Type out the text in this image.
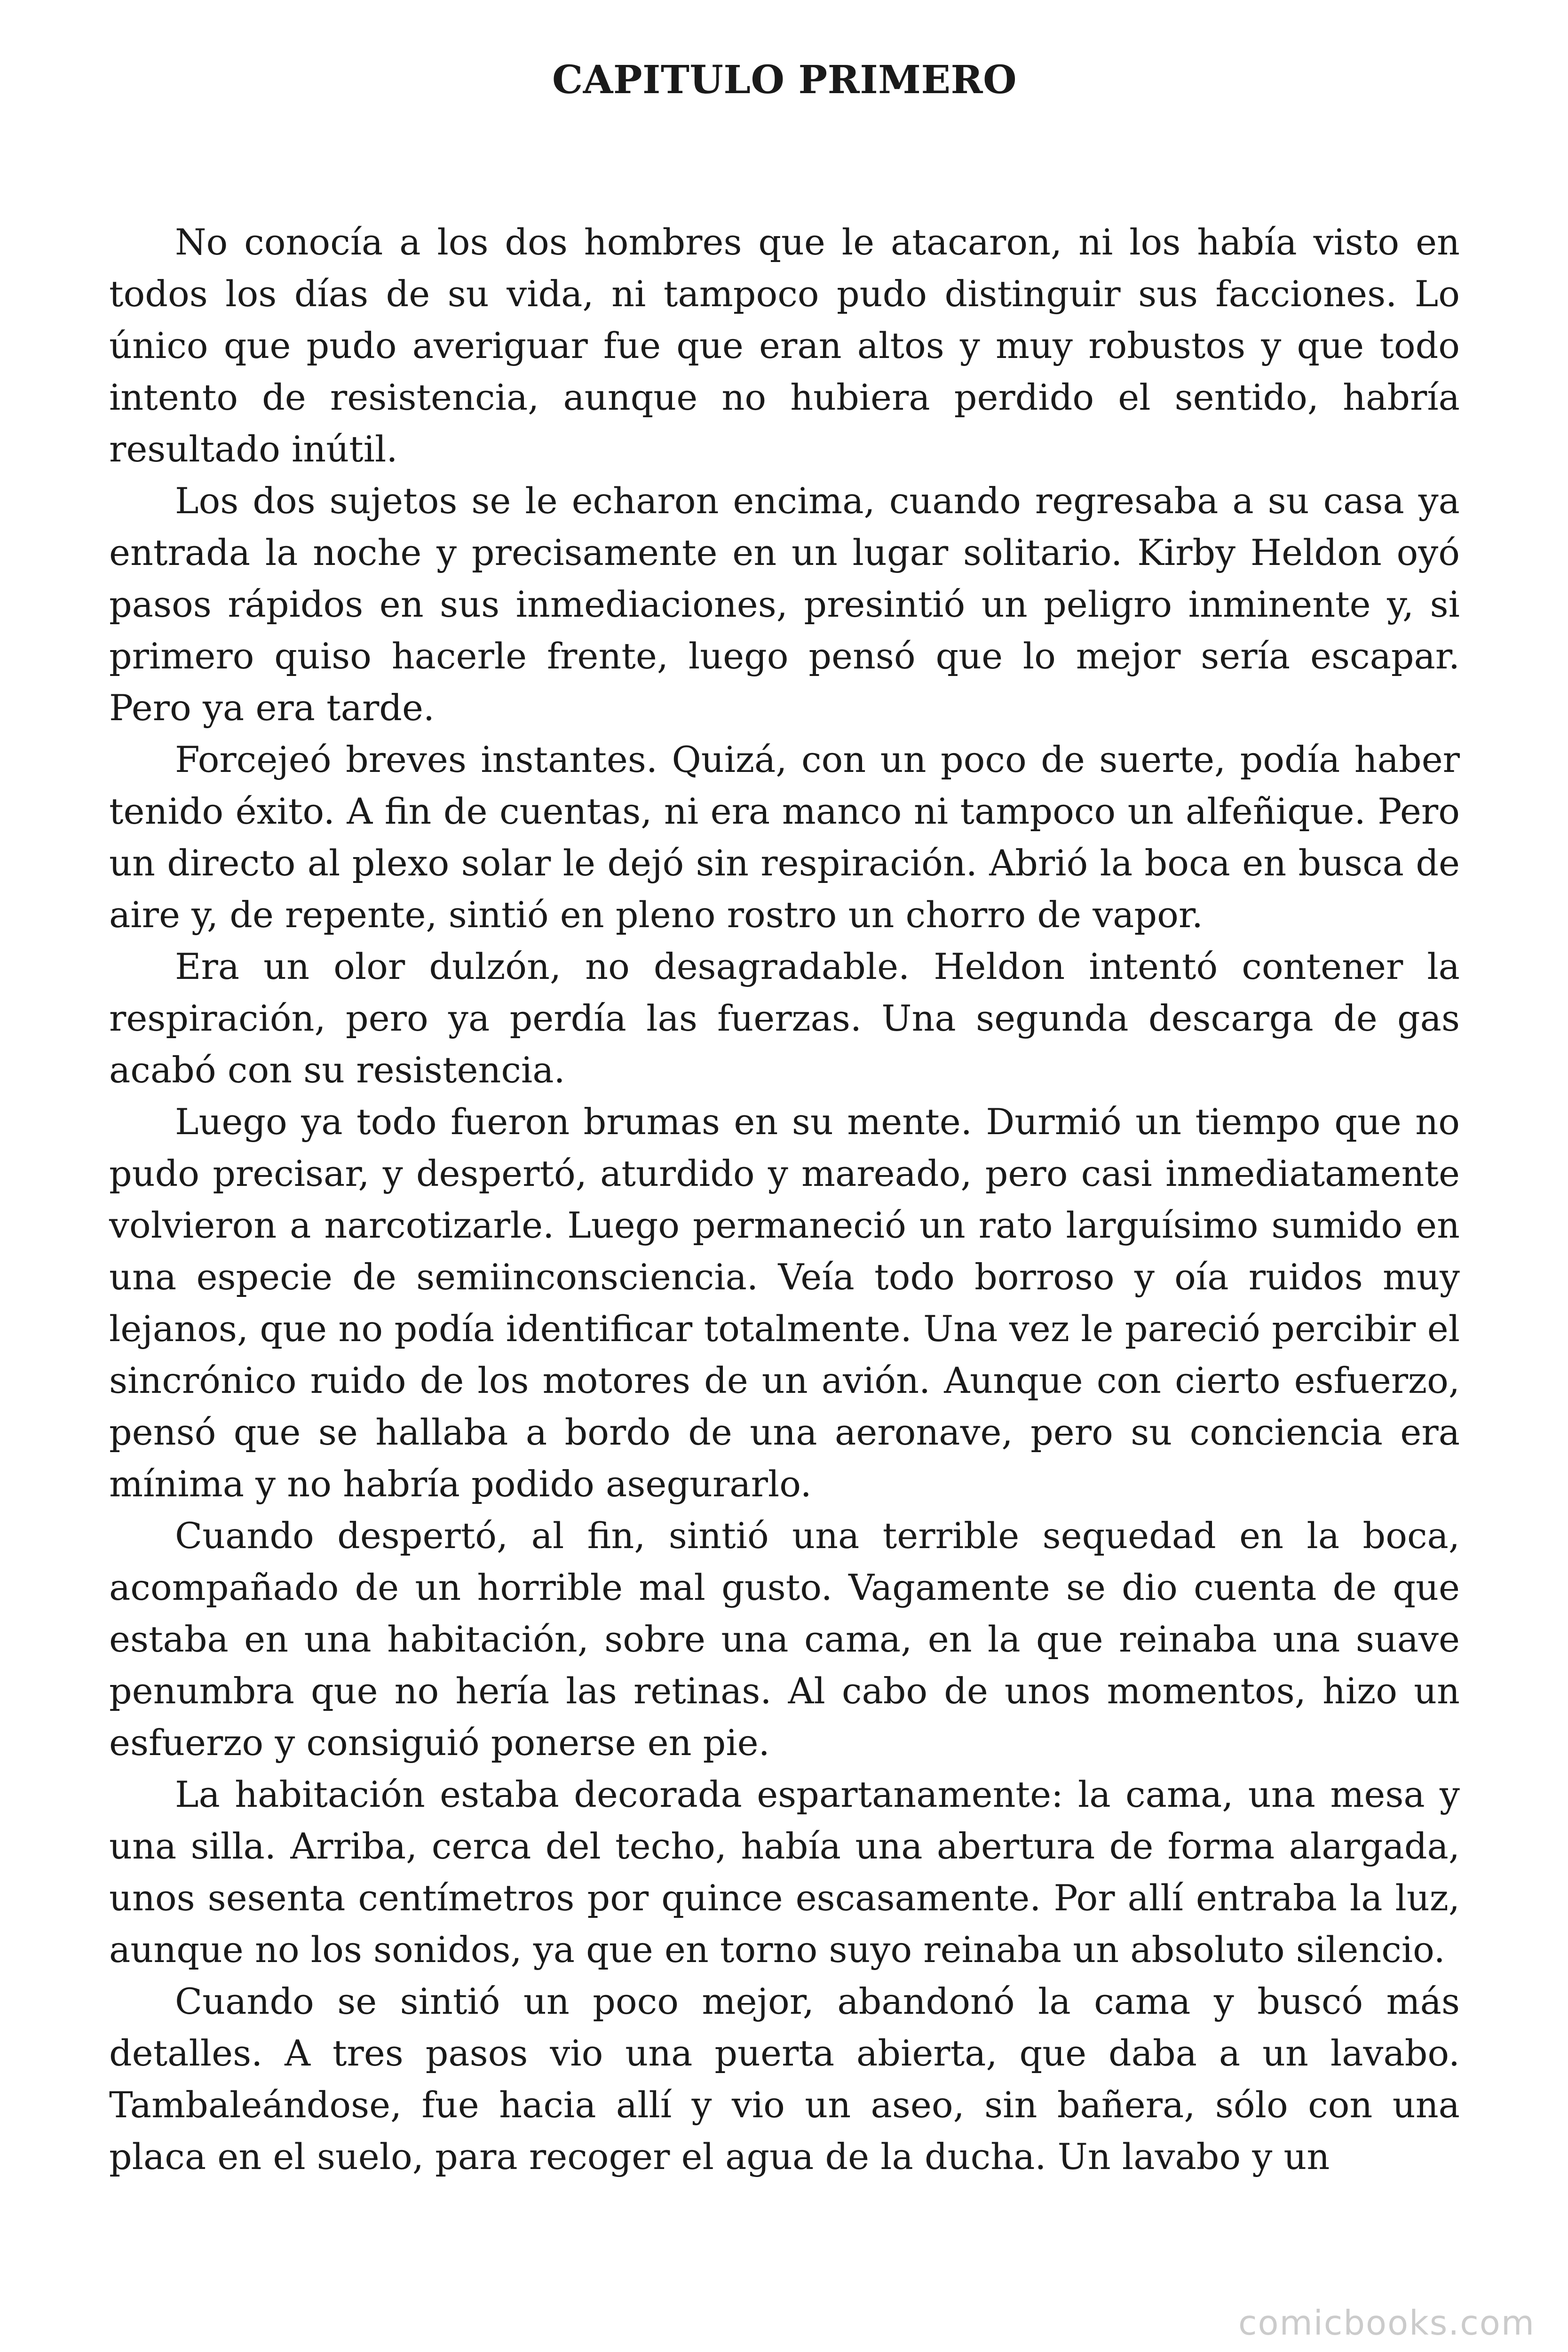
CAPITULO PRIMERO

No conocía a los dos hombres que le atacaron, ni los había visto en todos los días de su vida, ni tampoco pudo distinguir sus facciones. Lo único que pudo averiguar fue que eran altos y muy robustos y que todo intento de resistencia, aunque no hubiera perdido el sentido, habría resultado inútil.

Los dos sujetos se le echaron encima, cuando regresaba a su casa ya entrada la noche y precisamente en un lugar solitario. Kirby Heldon oyó pasos rápidos en sus inmediaciones, presintió un peligro inminente y, si primero quiso hacerle frente, luego pensó que lo mejor sería escapar. Pero ya era tarde.

Forcejeó breves instantes. Quizá, con un poco de suerte, podía haber tenido éxito. A fin de cuentas, ni era manco ni tampoco un alfeñique. Pero un directo al plexo solar le dejó sin respiración. Abrió la boca en busca de aire y, de repente, sintió en pleno rostro un chorro de vapor.

Era un olor dulzón, no desagradable. Heldon intentó contener la respiración, pero ya perdía las fuerzas. Una segunda descarga de gas acabó con su resistencia.

Luego ya todo fueron brumas en su mente. Durmió un tiempo que no pudo precisar, y despertó, aturdido y mareado, pero casi inmediatamente volvieron a narcotizarle. Luego permaneció un rato larguísimo sumido en una especie de semiinconsciencia. Veía todo borroso y oía ruidos muy lejanos, que no podía identificar totalmente. Una vez le pareció percibir el sincrónico ruido de los motores de un avión. Aunque con cierto esfuerzo, pensó que se hallaba a bordo de una aeronave, pero su conciencia era mínima y no habría podido asegurarlo.

Cuando despertó, al fin, sintió una terrible sequedad en la boca, acompañado de un horrible mal gusto. Vagamente se dio cuenta de que estaba en una habitación, sobre una cama, en la que reinaba una suave penumbra que no hería las retinas. Al cabo de unos momentos, hizo un esfuerzo y consiguió ponerse en pie.

La habitación estaba decorada espartanamente: la cama, una mesa y una silla. Arriba, cerca del techo, había una abertura de forma alargada, unos sesenta centímetros por quince escasamente. Por allí entraba la luz, aunque no los sonidos, ya que en torno suyo reinaba un absoluto silencio.

Cuando se sintió un poco mejor, abandonó la cama y buscó más detalles. A tres pasos vio una puerta abierta, que daba a un lavabo. Tambaleándose, fue hacia allí y vio un aseo, sin bañera, sólo con una placa en el suelo, para recoger el agua de la ducha. Un lavabo y un

comicbooks.com
